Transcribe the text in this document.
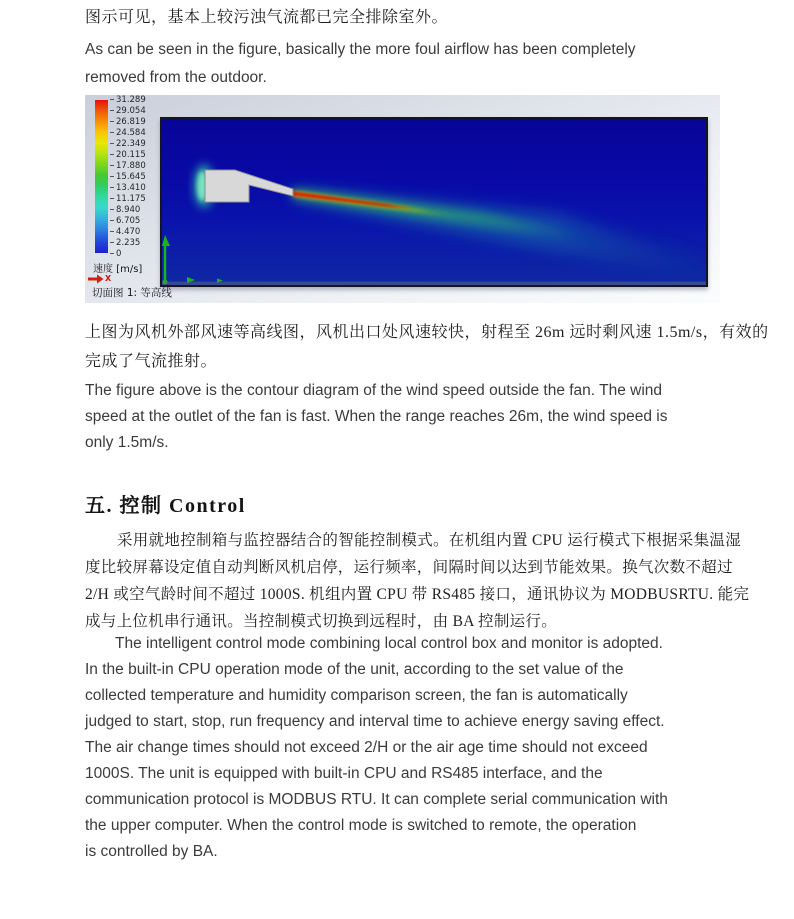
图示可见，基本上较污浊气流都已完全排除室外。
As can be seen in the figure, basically the more foul airflow has been completely
removed from the outdoor.
31.289
29.054
26.819
24.584
22.349
20.115
17.880
15.645
13.410
11.175
8.940
6.705
4.470
2.235
0
速度 [m/s]
X
切面图 1: 等高线
上图为风机外部风速等高线图，风机出口处风速较快，射程至 26m 远时剩风速 1.5m/s，有效的
完成了气流推射。
The figure above is the contour diagram of the wind speed outside the fan. The wind
speed at the outlet of the fan is fast. When the range reaches 26m, the wind speed is
only 1.5m/s.
五. 控制 Control
采用就地控制箱与监控器结合的智能控制模式。在机组内置 CPU 运行模式下根据采集温湿
度比较屏幕设定值自动判断风机启停，运行频率，间隔时间以达到节能效果。换气次数不超过
2/H 或空气龄时间不超过 1000S. 机组内置 CPU 带 RS485 接口，通讯协议为 MODBUSRTU. 能完
成与上位机串行通讯。当控制模式切换到远程时，由 BA 控制运行。
The intelligent control mode combining local control box and monitor is adopted.
In the built-in CPU operation mode of the unit, according to the set value of the
collected temperature and humidity comparison screen, the fan is automatically
judged to start, stop, run frequency and interval time to achieve energy saving effect.
The air change times should not exceed 2/H or the air age time should not exceed
1000S. The unit is equipped with built-in CPU and RS485 interface, and the
communication protocol is MODBUS RTU. It can complete serial communication with
the upper computer. When the control mode is switched to remote, the operation
is controlled by BA.
